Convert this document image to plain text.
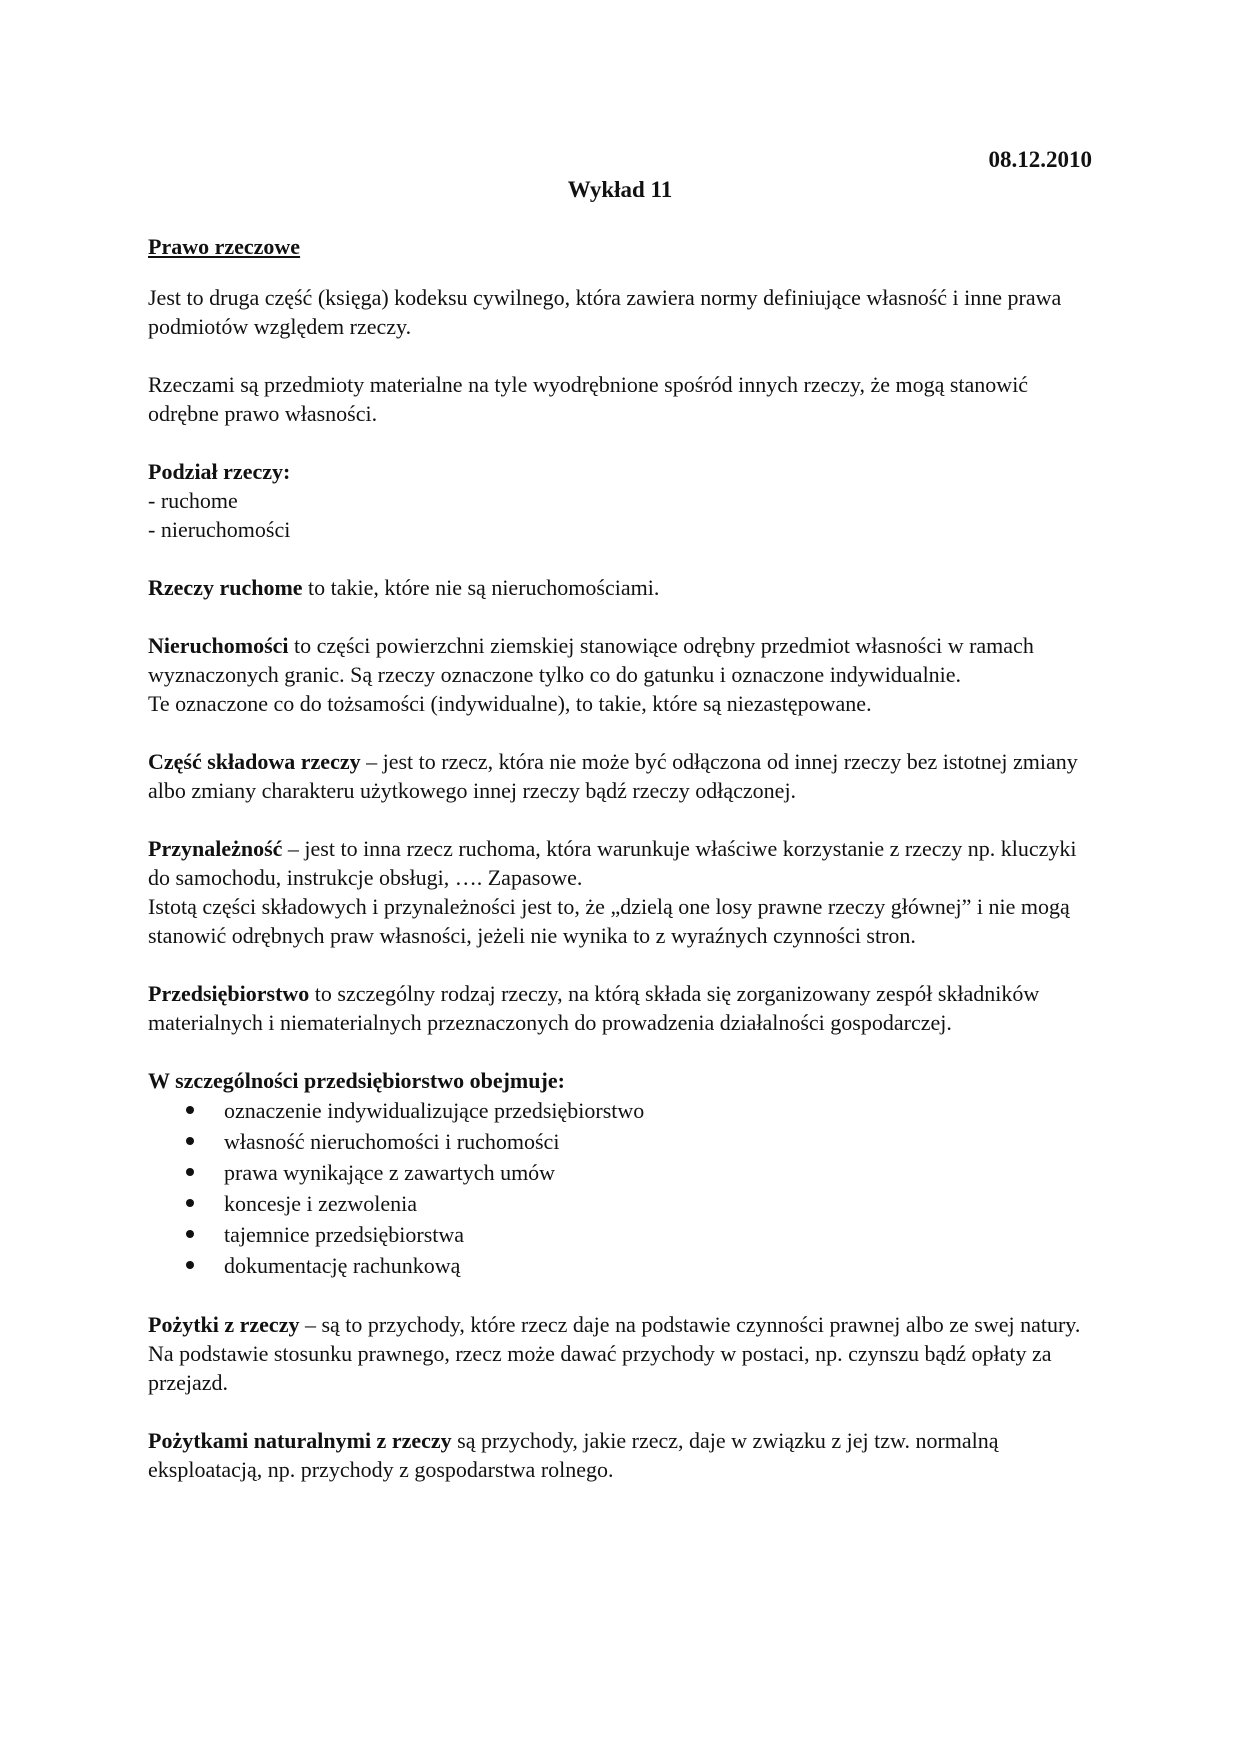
08.12.2010
Wykład 11
Prawo rzeczowe

Jest to druga część (księga) kodeksu cywilnego, która zawiera normy definiujące własność i inne prawa podmiotów względem rzeczy.

Rzeczami są przedmioty materialne na tyle wyodrębnione spośród innych rzeczy, że mogą stanowić odrębne prawo własności.

Podział rzeczy:
- ruchome
- nieruchomości

Rzeczy ruchome to takie, które nie są nieruchomościami.

Nieruchomości to części powierzchni ziemskiej stanowiące odrębny przedmiot własności w ramach wyznaczonych granic. Są rzeczy oznaczone tylko co do gatunku i oznaczone indywidualnie.
Te oznaczone co do tożsamości (indywidualne), to takie, które są niezastępowane.

Część składowa rzeczy – jest to rzecz, która nie może być odłączona od innej rzeczy bez istotnej zmiany albo zmiany charakteru użytkowego innej rzeczy bądź rzeczy odłączonej.

Przynależność – jest to inna rzecz ruchoma, która warunkuje właściwe korzystanie z rzeczy np. kluczyki do samochodu, instrukcje obsługi, …. Zapasowe.
Istotą części składowych i przynależności jest to, że „dzielą one losy prawne rzeczy głównej” i nie mogą stanowić odrębnych praw własności, jeżeli nie wynika to z wyraźnych czynności stron.

Przedsiębiorstwo to szczególny rodzaj rzeczy, na którą składa się zorganizowany zespół składników materialnych i niematerialnych przeznaczonych do prowadzenia działalności gospodarczej.

W szczególności przedsiębiorstwo obejmuje:
oznaczenie indywidualizujące przedsiębiorstwo
własność nieruchomości i ruchomości
prawa wynikające z zawartych umów
koncesje i zezwolenia
tajemnice przedsiębiorstwa
dokumentację rachunkową

Pożytki z rzeczy – są to przychody, które rzecz daje na podstawie czynności prawnej albo ze swej natury. Na podstawie stosunku prawnego, rzecz może dawać przychody w postaci, np. czynszu bądź opłaty za przejazd.

Pożytkami naturalnymi z rzeczy są przychody, jakie rzecz, daje w związku z jej tzw. normalną eksploatacją, np. przychody z gospodarstwa rolnego.
